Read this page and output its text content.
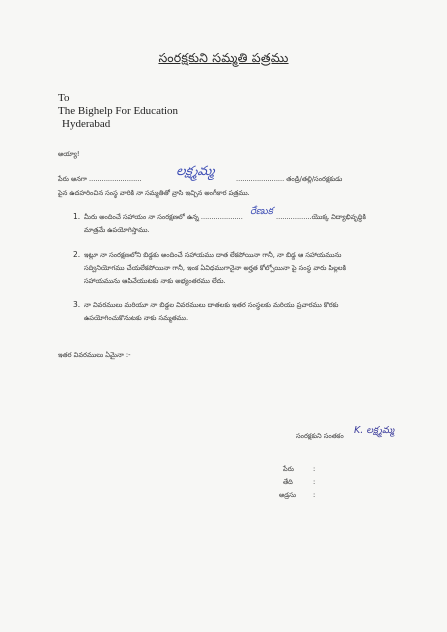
సంరక్షకుని సమ్మతి పత్రము
To
The Bighelp For Education
Hyderabad
అయ్యా!
పేరు అనగా .........................	లక్ష్మమ్మ	....................... తండ్రి/తల్లి/సంరక్షకుడు
పైన ఉదహరించిన సంస్థ వారికి నా సమ్మతితో వ్రాసి ఇచ్చిన అంగీకార పత్రము.
1. మీరు అందించే సహాయం నా సంరక్షణలో ఉన్న .................... రేణుక .................యొక్క విద్యాభివృద్ధికి
మాత్రమే ఉపయోగిస్తాము.
2. ఇట్లూ నా సంరక్షణలోని బిడ్డకు అందించే సహాయము దాత లేకపోయినా గానీ, నా బిడ్డ ఆ సహాయమును
సద్వినియోగము చేయలేకపోయినా గానీ, ఇంక ఏవిధముగానైనా అర్హత కోల్పోయినా పై సంస్థ వారు పిల్లలకి
సహాయమును ఆపివేయుటకు నాకు అభ్యంతరము లేదు.
3. నా వివరములు మరియూ నా బిడ్డల వివరములు దాతలకు ఇతర సంస్థలకు మరియు ప్రచారము కొరకు
ఉపయోగించుకొనుటకు నాకు సమ్మతము.
ఇతర వివరములు ఏమైనా :-
సంరక్షకుని సంతకం K. లక్ష్మమ్మ
పేరు	:
తేది	:
అడ్రసు	:
